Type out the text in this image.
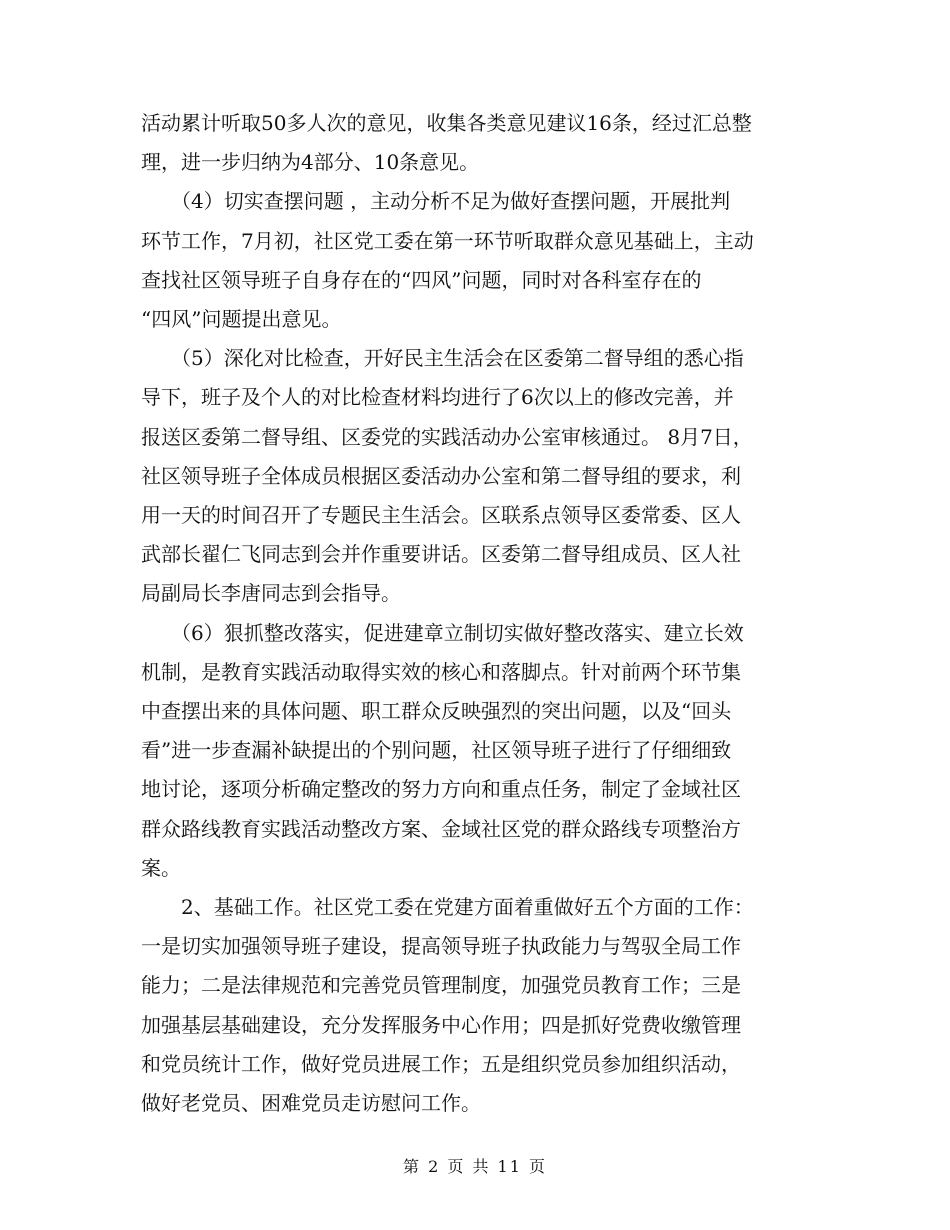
活动累计听取50多人次的意见，收集各类意见建议16条，经过汇总整
理，进一步归纳为4部分、10条意见。

　　（4）切实查摆问题 ，主动分析不足为做好查摆问题，开展批判
环节工作，7月初，社区党工委在第一环节听取群众意见基础上，主动
查找社区领导班子自身存在的“四风”问题，同时对各科室存在的
“四风”问题提出意见。

　　（5）深化对比检查，开好民主生活会在区委第二督导组的悉心指
导下，班子及个人的对比检查材料均进行了6次以上的修改完善，并
报送区委第二督导组、区委党的实践活动办公室审核通过。 8月7日，
社区领导班子全体成员根据区委活动办公室和第二督导组的要求，利
用一天的时间召开了专题民主生活会。区联系点领导区委常委、区人
武部长翟仁飞同志到会并作重要讲话。区委第二督导组成员、区人社
局副局长李唐同志到会指导。

　　（6）狠抓整改落实，促进建章立制切实做好整改落实、建立长效
机制，是教育实践活动取得实效的核心和落脚点。针对前两个环节集
中查摆出来的具体问题、职工群众反映强烈的突出问题，以及“回头
看”进一步查漏补缺提出的个别问题，社区领导班子进行了仔细细致
地讨论，逐项分析确定整改的努力方向和重点任务，制定了金域社区
群众路线教育实践活动整改方案、金域社区党的群众路线专项整治方
案。

　　2、基础工作。社区党工委在党建方面着重做好五个方面的工作：
一是切实加强领导班子建设，提高领导班子执政能力与驾驭全局工作
能力；二是法律规范和完善党员管理制度，加强党员教育工作；三是
加强基层基础建设，充分发挥服务中心作用；四是抓好党费收缴管理
和党员统计工作，做好党员进展工作；五是组织党员参加组织活动，
做好老党员、困难党员走访慰问工作。

第 2 页 共 11 页
